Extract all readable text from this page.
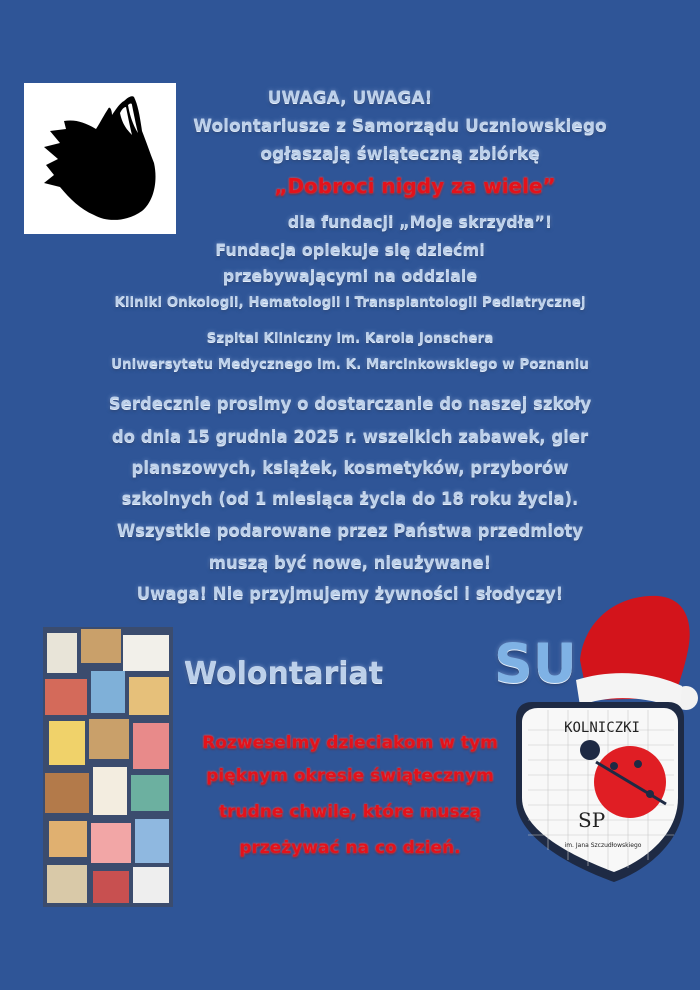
UWAGA, UWAGA!
Wolontariusze z Samorządu Uczniowskiego
ogłaszają świąteczną zbiórkę
„Dobroci nigdy za wiele”
dla fundacji „Moje skrzydła”!
Fundacja opiekuje się dziećmi
przebywającymi na oddziale
Kliniki Onkologii, Hematologii i Transplantologii Pediatrycznej
Szpital Kliniczny im. Karola Jonschera
Uniwersytetu Medycznego im. K. Marcinkowskiego w Poznaniu
Serdecznie prosimy o dostarczanie do naszej szkoły
do dnia 15 grudnia 2025 r. wszelkich zabawek, gier
planszowych, książek, kosmetyków, przyborów
szkolnych (od 1 miesiąca życia do 18 roku życia).
Wszystkie podarowane przez Państwa przedmioty
muszą być nowe, nieużywane!
Uwaga! Nie przyjmujemy żywności i słodyczy!
Wolontariat
Rozweselmy dzieciakom w tym
pięknym okresie świątecznym
trudne chwile, które muszą
przeżywać na co dzień.
SU
KOLNICZKI
SP
im. Jana Szczudłowskiego
